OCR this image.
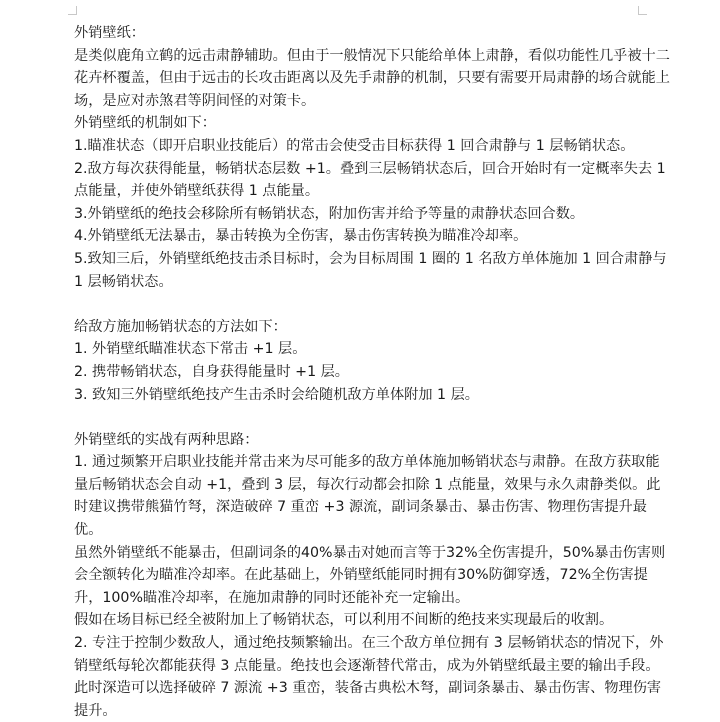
外销壁纸：

是类似鹿角立鹤的远击肃静辅助。但由于一般情况下只能给单体上肃静，看似功能性几乎被十二花卉杯覆盖，但由于远击的长攻击距离以及先手肃静的机制，只要有需要开局肃静的场合就能上场，是应对赤煞君等阴间怪的对策卡。

外销壁纸的机制如下：

1.瞄准状态（即开启职业技能后）的常击会使受击目标获得 1 回合肃静与 1 层畅销状态。

2.敌方每次获得能量，畅销状态层数 +1。叠到三层畅销状态后，回合开始时有一定概率失去 1 点能量，并使外销壁纸获得 1 点能量。

3.外销壁纸的绝技会移除所有畅销状态，附加伤害并给予等量的肃静状态回合数。

4.外销壁纸无法暴击，暴击转换为全伤害，暴击伤害转换为瞄准冷却率。

5.致知三后，外销壁纸绝技击杀目标时，会为目标周围 1 圈的 1 名敌方单体施加 1 回合肃静与 1 层畅销状态。

给敌方施加畅销状态的方法如下：

1. 外销壁纸瞄准状态下常击 +1 层。

2. 携带畅销状态，自身获得能量时 +1 层。

3. 致知三外销壁纸绝技产生击杀时会给随机敌方单体附加 1 层。

外销壁纸的实战有两种思路：

1. 通过频繁开启职业技能并常击来为尽可能多的敌方单体施加畅销状态与肃静。在敌方获取能量后畅销状态会自动 +1，叠到 3 层，每次行动都会扣除 1 点能量，效果与永久肃静类似。此时建议携带熊猫竹弩，深造破碎 7 重峦 +3 源流，副词条暴击、暴击伤害、物理伤害提升最优。

虽然外销壁纸不能暴击，但副词条的40%暴击对她而言等于32%全伤害提升，50%暴击伤害则会全额转化为瞄准冷却率。在此基础上，外销壁纸能同时拥有30%防御穿透，72%全伤害提升，100%瞄准冷却率，在施加肃静的同时还能补充一定输出。

假如在场目标已经全被附加上了畅销状态，可以利用不间断的绝技来实现最后的收割。

2. 专注于控制少数敌人，通过绝技频繁输出。在三个敌方单位拥有 3 层畅销状态的情况下，外销壁纸每轮次都能获得 3 点能量。绝技也会逐渐替代常击，成为外销壁纸最主要的输出手段。

此时深造可以选择破碎 7 源流 +3 重峦，装备古典松木弩，副词条暴击、暴击伤害、物理伤害提升。
